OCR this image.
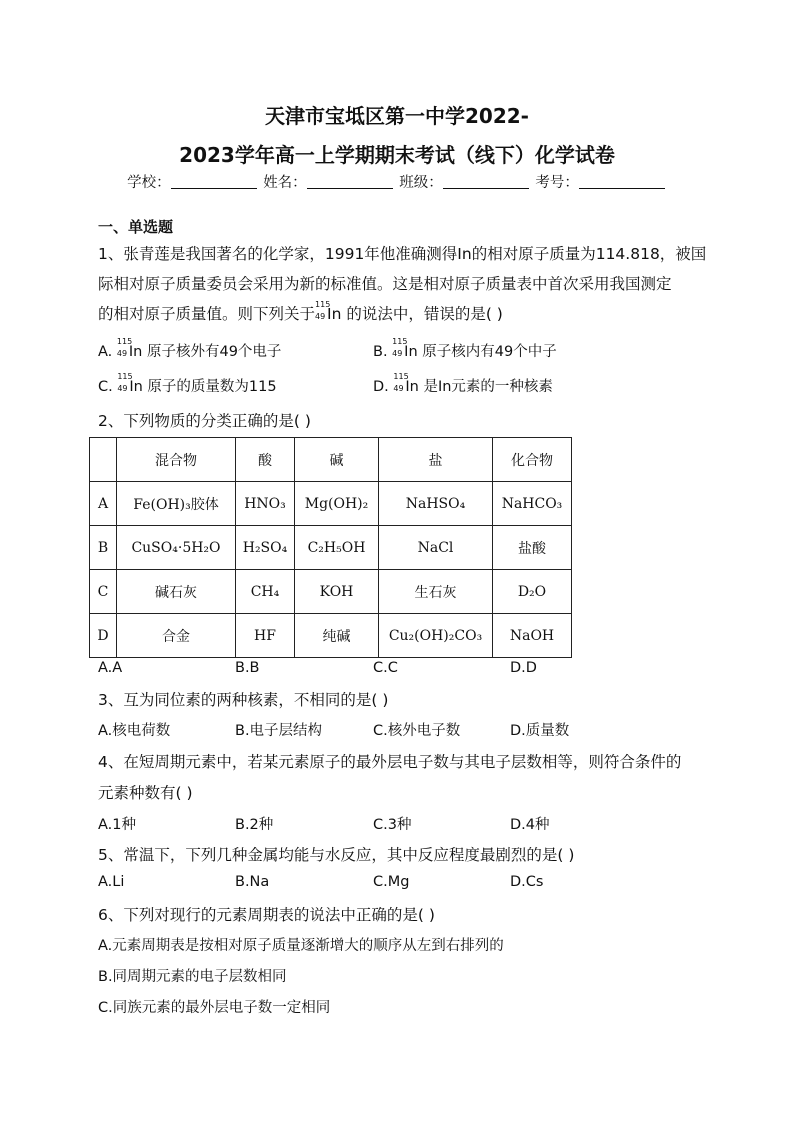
天津市宝坻区第一中学2022-
2023学年高一上学期期末考试（线下）化学试卷
学校：	姓名：	班级：	考号：
一、单选题
1、张青莲是我国著名的化学家，1991年他准确测得In的相对原子质量为114.818，被国
际相对原子质量委员会采用为新的标准值。这是相对原子质量表中首次采用我国测定
的相对原子质量值。则下列关于
115
49 In 的说法中，错误的是( )
A.
115
49 In 原子核外有49个电子	B.
115
49 In 原子核内有49个中子
C.
115
49 In 原子的质量数为115	D.
115
49 In 是In元素的一种核素
2、下列物质的分类正确的是( )
	混合物	酸	碱	盐	化合物
A	Fe(OH)₃胶体	HNO₃	Mg(OH)₂	NaHSO₄	NaHCO₃
B	CuSO₄·5H₂O	H₂SO₄	C₂H₅OH	NaCl	盐酸
C	碱石灰	CH₄	KOH	生石灰	D₂O
D	合金	HF	纯碱	Cu₂(OH)₂CO₃	NaOH
A.A	B.B	C.C	D.D
3、互为同位素的两种核素，不相同的是( )
A.核电荷数	B.电子层结构	C.核外电子数	D.质量数
4、在短周期元素中，若某元素原子的最外层电子数与其电子层数相等，则符合条件的
元素种数有( )
A.1种	B.2种	C.3种	D.4种
5、常温下，下列几种金属均能与水反应，其中反应程度最剧烈的是( )
A.Li	B.Na	C.Mg	D.Cs
6、下列对现行的元素周期表的说法中正确的是( )
A.元素周期表是按相对原子质量逐渐增大的顺序从左到右排列的
B.同周期元素的电子层数相同
C.同族元素的最外层电子数一定相同
